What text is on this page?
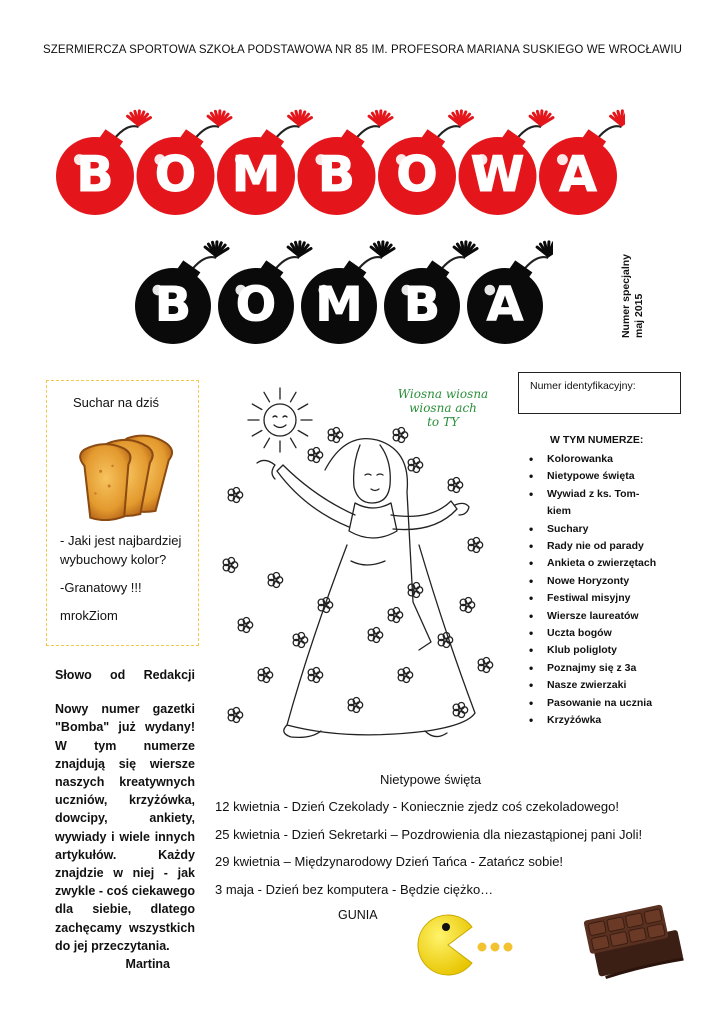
SZERMIERCZA SPORTOWA SZKOŁA PODSTAWOWA NR 85 IM. PROFESORA MARIANA SUSKIEGO WE WROCŁAWIU
B O M B O W A
B O M B A	Numer specjalny maj 2015
Suchar na dziś
- Jaki jest najbardziej wybuchowy kolor?
-Granatowy !!!
mrokZiom
Słowo od Redakcji
Nowy numer gazetki "Bomba" już wydany! W tym numerze znajdują się wiersze naszych kreatywnych uczniów, krzyżówka, dowcipy, ankiety, wywiady i wiele innych artykułów. Każdy znajdzie w niej - jak zwykle - coś ciekawego dla siebie, dlatego zachęcamy wszystkich do jej przeczytania.
Martina
Numer identyfikacyjny:
W TYM NUMERZE:
• Kolorowanka
• Nietypowe święta
• Wywiad z ks. Tom-
kiem
• Suchary
• Rady nie od parady
• Ankieta o zwierzętach
• Nowe Horyzonty
• Festiwal misyjny
• Wiersze laureatów
• Uczta bogów
• Klub poligloty
• Poznajmy się z 3a
• Nasze zwierzaki
• Pasowanie na ucznia
• Krzyżówka
Wiosna wiosna
wiosna ach
to TY
Nietypowe święta
12 kwietnia - Dzień Czekolady - Koniecznie zjedz coś czekoladowego!
25 kwietnia - Dzień Sekretarki – Pozdrowienia dla niezastąpionej pani Joli!
29 kwietnia – Międzynarodowy Dzień Tańca - Zatańcz sobie!
3 maja - Dzień bez komputera - Będzie ciężko…
GUNIA
